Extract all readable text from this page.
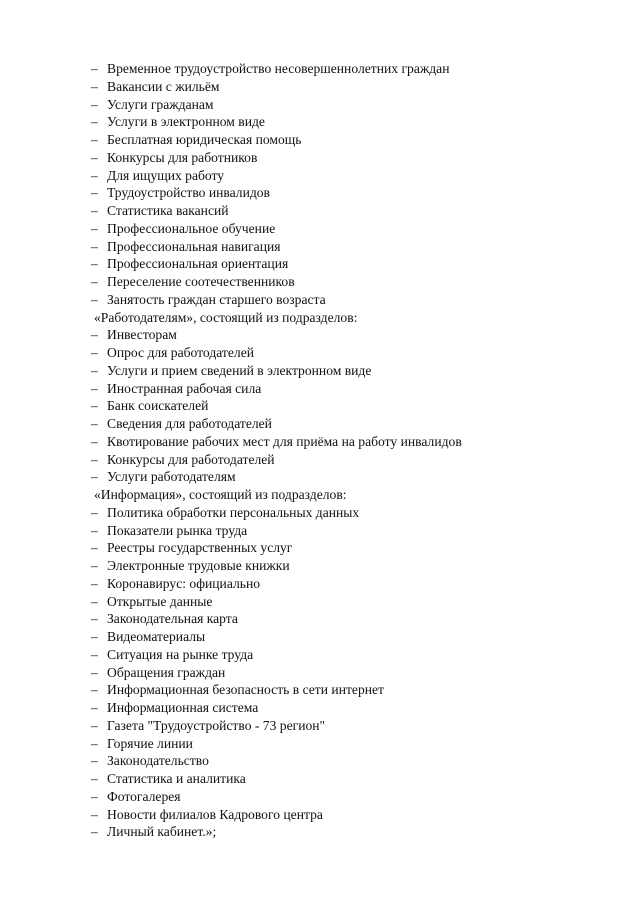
– Временное трудоустройство несовершеннолетних граждан
– Вакансии с жильём
– Услуги гражданам
– Услуги в электронном виде
– Бесплатная юридическая помощь
– Конкурсы для работников
– Для ищущих работу
– Трудоустройство инвалидов
– Статистика вакансий
– Профессиональное обучение
– Профессиональная навигация
– Профессиональная ориентация
– Переселение соотечественников
– Занятость граждан старшего возраста
«Работодателям», состоящий из подразделов:
– Инвесторам
– Опрос для работодателей
– Услуги и прием сведений в электронном виде
– Иностранная рабочая сила
– Банк соискателей
– Сведения для работодателей
– Квотирование рабочих мест для приёма на работу инвалидов
– Конкурсы для работодателей
– Услуги работодателям
«Информация», состоящий из подразделов:
– Политика обработки персональных данных
– Показатели рынка труда
– Реестры государственных услуг
– Электронные трудовые книжки
– Коронавирус: официально
– Открытые данные
– Законодательная карта
– Видеоматериалы
– Ситуация на рынке труда
– Обращения граждан
– Информационная безопасность в сети интернет
– Информационная система
– Газета "Трудоустройство - 73 регион"
– Горячие линии
– Законодательство
– Статистика и аналитика
– Фотогалерея
– Новости филиалов Кадрового центра
– Личный кабинет.»;
